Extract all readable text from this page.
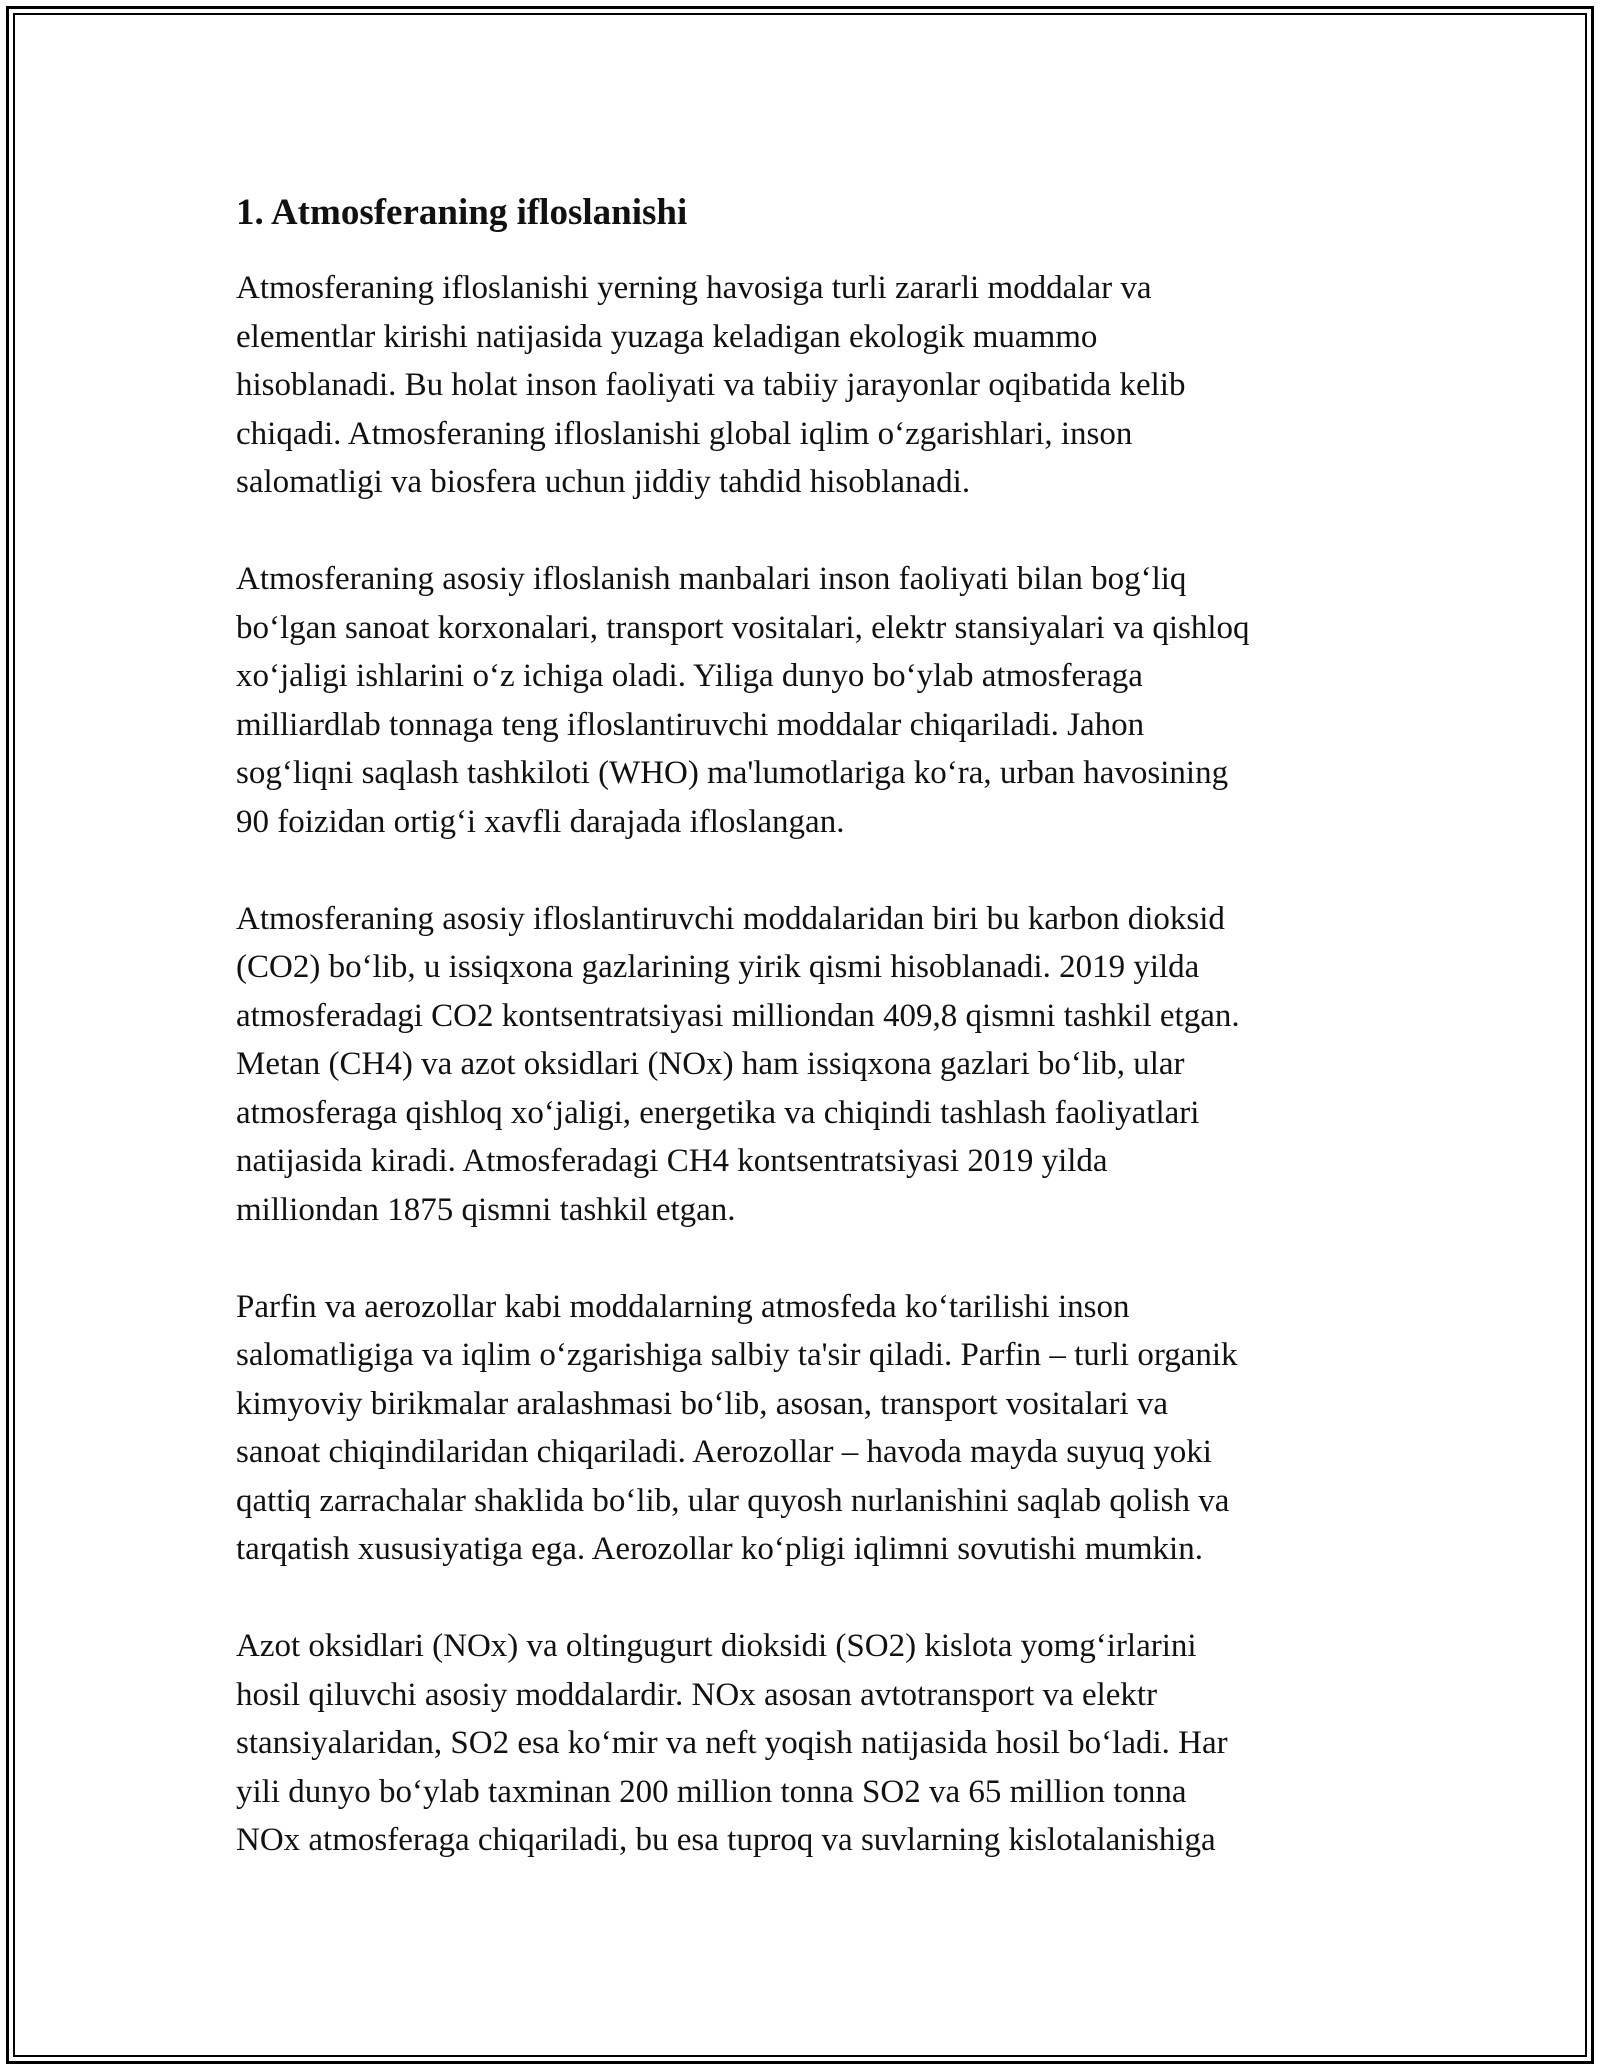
1. Atmosferaning ifloslanishi
Atmosferaning ifloslanishi yerning havosiga turli zararli moddalar va
elementlar kirishi natijasida yuzaga keladigan ekologik muammo
hisoblanadi. Bu holat inson faoliyati va tabiiy jarayonlar oqibatida kelib
chiqadi. Atmosferaning ifloslanishi global iqlim oʻzgarishlari, inson
salomatligi va biosfera uchun jiddiy tahdid hisoblanadi.
Atmosferaning asosiy ifloslanish manbalari inson faoliyati bilan bogʻliq
boʻlgan sanoat korxonalari, transport vositalari, elektr stansiyalari va qishloq
xoʻjaligi ishlarini oʻz ichiga oladi. Yiliga dunyo boʻylab atmosferaga
milliardlab tonnaga teng ifloslantiruvchi moddalar chiqariladi. Jahon
sogʻliqni saqlash tashkiloti (WHO) ma'lumotlariga koʻra, urban havosining
90 foizidan ortigʻi xavfli darajada ifloslangan.
Atmosferaning asosiy ifloslantiruvchi moddalaridan biri bu karbon dioksid
(CO2) boʻlib, u issiqxona gazlarining yirik qismi hisoblanadi. 2019 yilda
atmosferadagi CO2 kontsentratsiyasi milliondan 409,8 qismni tashkil etgan.
Metan (CH4) va azot oksidlari (NOx) ham issiqxona gazlari boʻlib, ular
atmosferaga qishloq xoʻjaligi, energetika va chiqindi tashlash faoliyatlari
natijasida kiradi. Atmosferadagi CH4 kontsentratsiyasi 2019 yilda
milliondan 1875 qismni tashkil etgan.
Parfin va aerozollar kabi moddalarning atmosfeda koʻtarilishi inson
salomatligiga va iqlim oʻzgarishiga salbiy ta'sir qiladi. Parfin – turli organik
kimyoviy birikmalar aralashmasi boʻlib, asosan, transport vositalari va
sanoat chiqindilaridan chiqariladi. Aerozollar – havoda mayda suyuq yoki
qattiq zarrachalar shaklida boʻlib, ular quyosh nurlanishini saqlab qolish va
tarqatish xususiyatiga ega. Aerozollar koʻpligi iqlimni sovutishi mumkin.
Azot oksidlari (NOx) va oltingugurt dioksidi (SO2) kislota yomgʻirlarini
hosil qiluvchi asosiy moddalardir. NOx asosan avtotransport va elektr
stansiyalaridan, SO2 esa koʻmir va neft yoqish natijasida hosil boʻladi. Har
yili dunyo boʻylab taxminan 200 million tonna SO2 va 65 million tonna
NOx atmosferaga chiqariladi, bu esa tuproq va suvlarning kislotalanishiga
